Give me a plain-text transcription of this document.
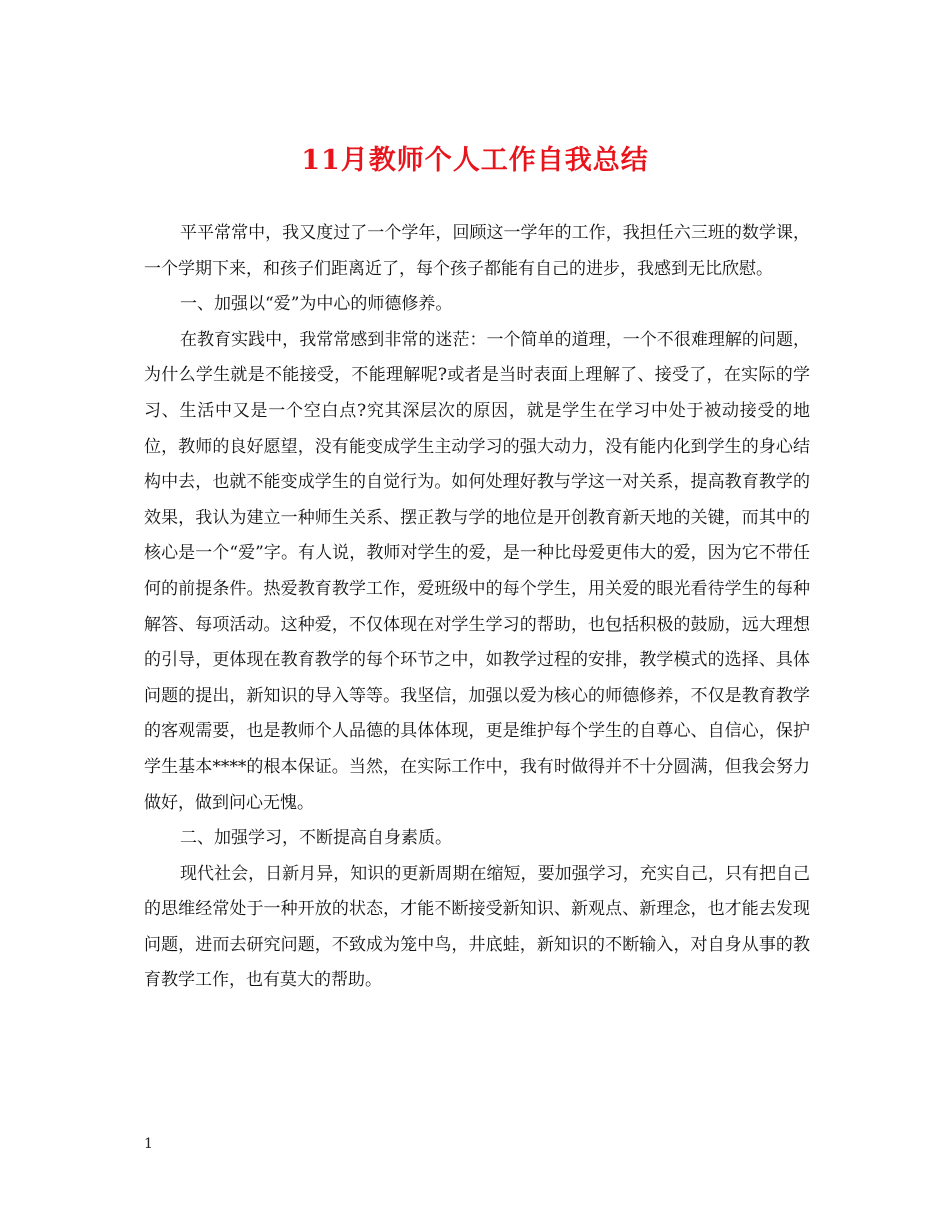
11月教师个人工作自我总结

平平常常中，我又度过了一个学年，回顾这一学年的工作，我担任六三班的数学课，一个学期下来，和孩子们距离近了，每个孩子都能有自己的进步，我感到无比欣慰。

一、加强以“爱”为中心的师德修养。

在教育实践中，我常常感到非常的迷茫：一个简单的道理，一个不很难理解的问题，为什么学生就是不能接受，不能理解呢?或者是当时表面上理解了、接受了，在实际的学习、生活中又是一个空白点?究其深层次的原因，就是学生在学习中处于被动接受的地位，教师的良好愿望，没有能变成学生主动学习的强大动力，没有能内化到学生的身心结构中去，也就不能变成学生的自觉行为。如何处理好教与学这一对关系，提高教育教学的效果，我认为建立一种师生关系、摆正教与学的地位是开创教育新天地的关键，而其中的核心是一个“爱”字。有人说，教师对学生的爱，是一种比母爱更伟大的爱，因为它不带任何的前提条件。热爱教育教学工作，爱班级中的每个学生，用关爱的眼光看待学生的每种解答、每项活动。这种爱，不仅体现在对学生学习的帮助，也包括积极的鼓励，远大理想的引导，更体现在教育教学的每个环节之中，如教学过程的安排，教学模式的选择、具体问题的提出，新知识的导入等等。我坚信，加强以爱为核心的师德修养，不仅是教育教学的客观需要，也是教师个人品德的具体体现，更是维护每个学生的自尊心、自信心，保护学生基本****的根本保证。当然，在实际工作中，我有时做得并不十分圆满，但我会努力做好，做到问心无愧。

二、加强学习，不断提高自身素质。

现代社会，日新月异，知识的更新周期在缩短，要加强学习，充实自己，只有把自己的思维经常处于一种开放的状态，才能不断接受新知识、新观点、新理念，也才能去发现问题，进而去研究问题，不致成为笼中鸟，井底蛙，新知识的不断输入，对自身从事的教育教学工作，也有莫大的帮助。

1
